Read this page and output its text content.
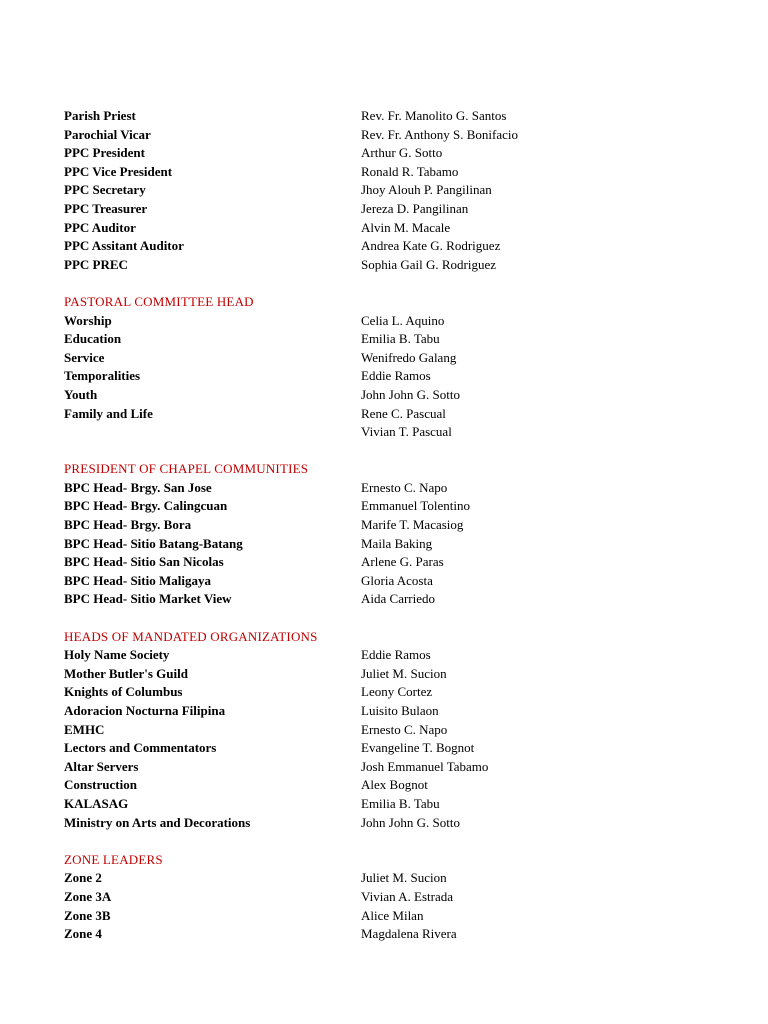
Parish Priest	Rev. Fr. Manolito G. Santos
Parochial Vicar	Rev. Fr. Anthony S. Bonifacio
PPC President	Arthur G. Sotto
PPC Vice President	Ronald R. Tabamo
PPC Secretary	Jhoy Alouh P. Pangilinan
PPC Treasurer	Jereza D. Pangilinan
PPC Auditor	Alvin M. Macale
PPC Assitant Auditor	Andrea Kate G. Rodriguez
PPC PREC	Sophia Gail G. Rodriguez
PASTORAL COMMITTEE HEAD
Worship	Celia L. Aquino
Education	Emilia B. Tabu
Service	Wenifredo Galang
Temporalities	Eddie Ramos
Youth	John John G. Sotto
Family and Life	Rene C. Pascual
Vivian T. Pascual
PRESIDENT OF CHAPEL COMMUNITIES
BPC Head- Brgy. San Jose	Ernesto C. Napo
BPC Head- Brgy. Calingcuan	Emmanuel Tolentino
BPC Head- Brgy. Bora	Marife T. Macasiog
BPC Head- Sitio Batang-Batang	Maila Baking
BPC Head- Sitio San Nicolas	Arlene G. Paras
BPC Head- Sitio Maligaya	Gloria Acosta
BPC Head- Sitio Market View	Aida Carriedo
HEADS OF MANDATED ORGANIZATIONS
Holy Name Society	Eddie Ramos
Mother Butler's Guild	Juliet M. Sucion
Knights of Columbus	Leony Cortez
Adoracion Nocturna Filipina	Luisito Bulaon
EMHC	Ernesto C. Napo
Lectors and Commentators	Evangeline T. Bognot
Altar Servers	Josh Emmanuel Tabamo
Construction	Alex Bognot
KALASAG	Emilia B. Tabu
Ministry on Arts and Decorations	John John G. Sotto
ZONE LEADERS
Zone 2	Juliet M. Sucion
Zone 3A	Vivian A. Estrada
Zone 3B	Alice Milan
Zone 4	Magdalena Rivera
